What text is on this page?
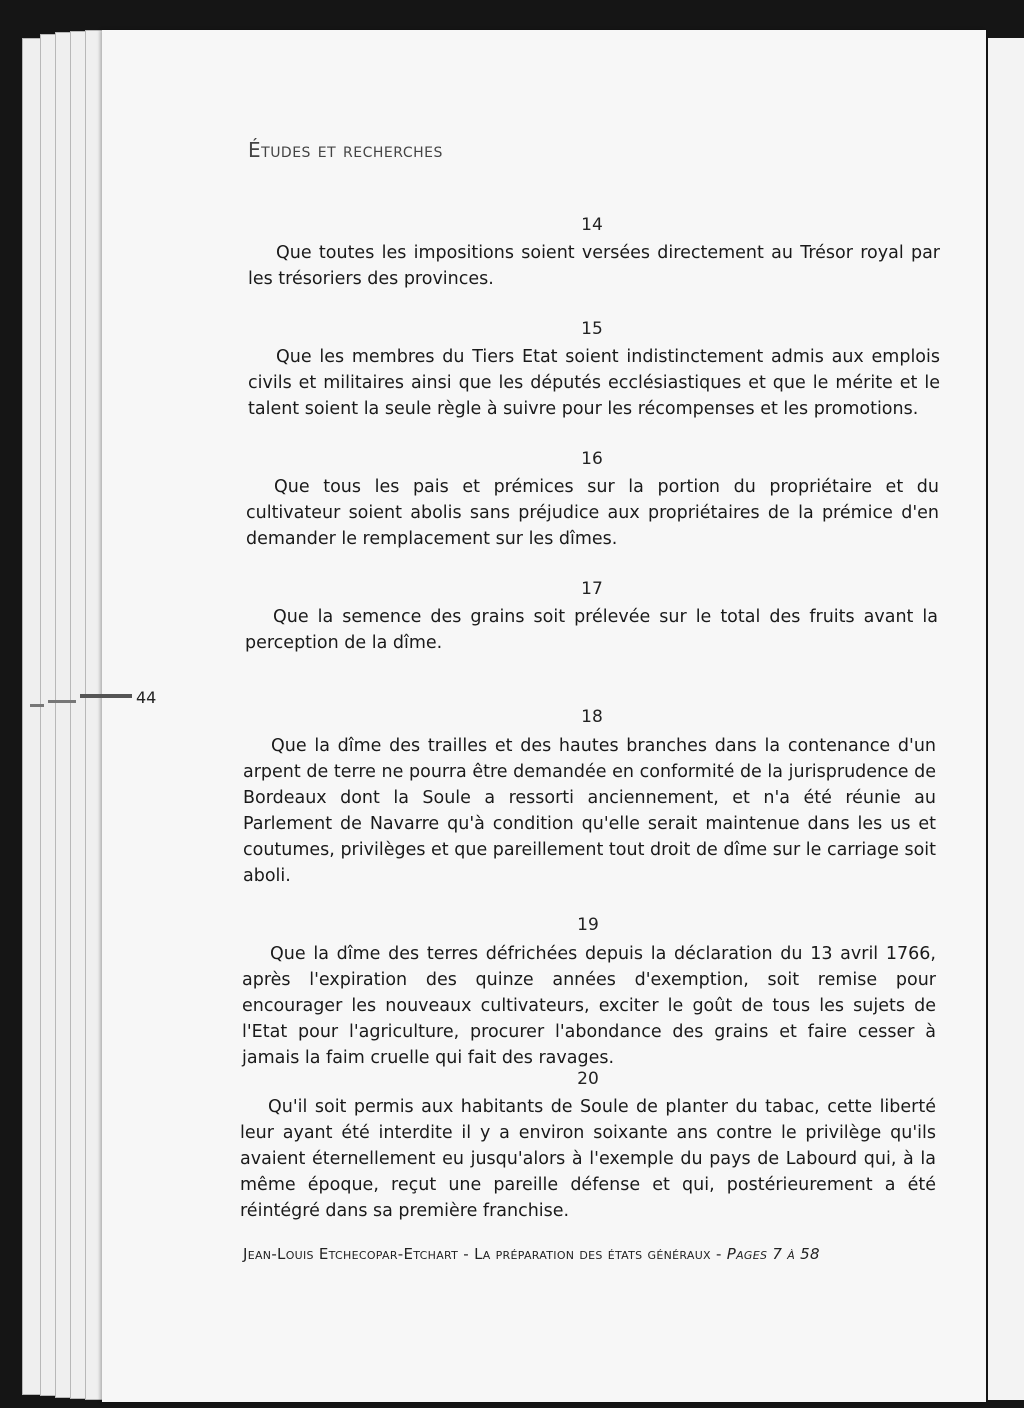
Études et recherches
14
Que toutes les impositions soient versées directement au Trésor royal par les trésoriers des provinces.
15
Que les membres du Tiers Etat soient indistinctement admis aux emplois civils et militaires ainsi que les députés ecclésiastiques et que le mérite et le talent soient la seule règle à suivre pour les récompenses et les promotions.
16
Que tous les pais et prémices sur la portion du propriétaire et du cultivateur soient abolis sans préjudice aux propriétaires de la prémice d'en demander le remplacement sur les dîmes.
17
Que la semence des grains soit prélevée sur le total des fruits avant la perception de la dîme.
18
Que la dîme des trailles et des hautes branches dans la contenance d'un arpent de terre ne pourra être demandée en conformité de la jurisprudence de Bordeaux dont la Soule a ressorti anciennement, et n'a été réunie au Parlement de Navarre qu'à condition qu'elle serait maintenue dans les us et coutumes, privilèges et que pareillement tout droit de dîme sur le carriage soit aboli.
19
Que la dîme des terres défrichées depuis la déclaration du 13 avril 1766, après l'expiration des quinze années d'exemption, soit remise pour encourager les nouveaux cultivateurs, exciter le goût de tous les sujets de l'Etat pour l'agriculture, procurer l'abondance des grains et faire cesser à jamais la faim cruelle qui fait des ravages.
20
Qu'il soit permis aux habitants de Soule de planter du tabac, cette liberté leur ayant été interdite il y a environ soixante ans contre le privilège qu'ils avaient éternellement eu jusqu'alors à l'exemple du pays de Labourd qui, à la même époque, reçut une pareille défense et qui, postérieurement a été réintégré dans sa première franchise.
Jean-Louis Etchecopar-Etchart - La préparation des états généraux - Pages 7 à 58
44
